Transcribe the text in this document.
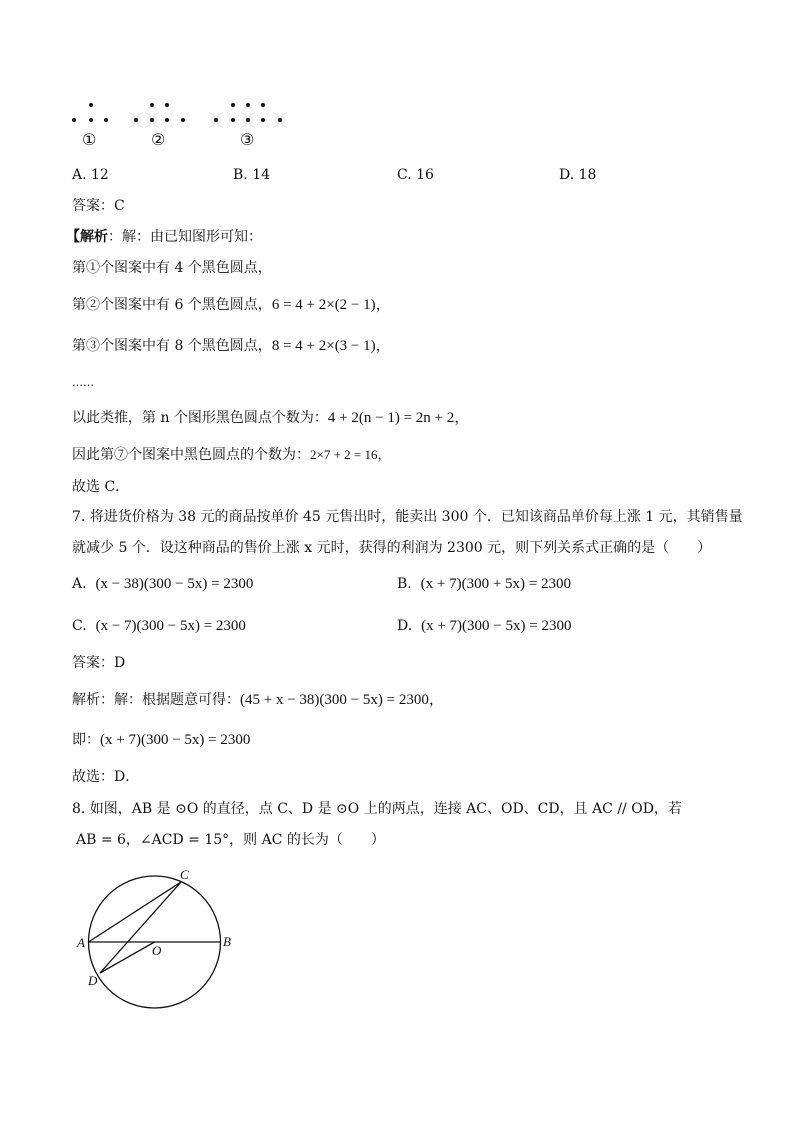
①	②	③
A. 12	B. 14	C. 16	D. 18
答案：C
【解析：解：由已知图形可知：
第①个图案中有 4 个黑色圆点，
第②个图案中有 6 个黑色圆点，6 = 4 + 2×(2 − 1)，
第③个图案中有 8 个黑色圆点，8 = 4 + 2×(3 − 1)，
……
以此类推，第 n 个图形黑色圆点个数为：4 + 2(n − 1) = 2n + 2，
因此第⑦个图案中黑色圆点的个数为：2×7 + 2 = 16，
故选 C．
7. 将进货价格为 38 元的商品按单价 45 元售出时，能卖出 300 个．已知该商品单价每上涨 1 元，其销售量
就减少 5 个．设这种商品的售价上涨 x 元时，获得的利润为 2300 元，则下列关系式正确的是（　　）
A. (x − 38)(300 − 5x) = 2300	B. (x + 7)(300 + 5x) = 2300
C. (x − 7)(300 − 5x) = 2300	D. (x + 7)(300 − 5x) = 2300
答案：D
解析：解：根据题意可得：(45 + x − 38)(300 − 5x) = 2300，
即：(x + 7)(300 − 5x) = 2300
故选：D．
8. 如图，AB 是 ⊙O 的直径，点 C、D 是 ⊙O 上的两点，连接 AC、OD、CD，且 AC // OD，若
AB = 6，∠ACD = 15°，则 AC 的长为（　　）
A	B
C
D
O
